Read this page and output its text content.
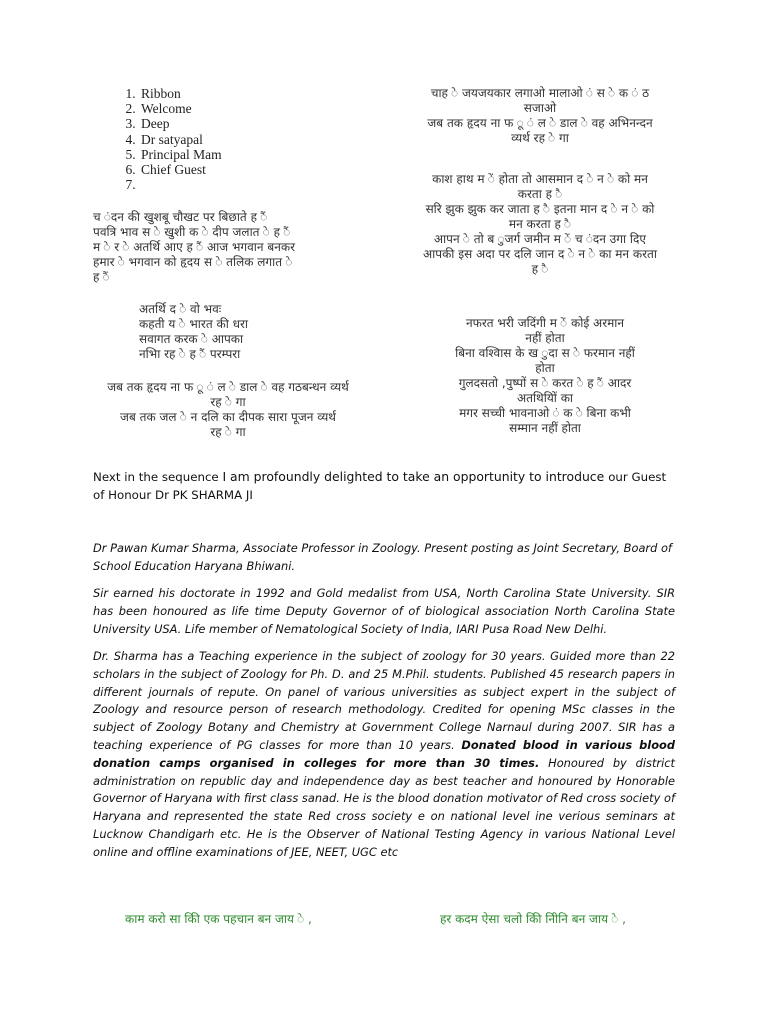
1. Ribbon
2. Welcome
3. Deep
4. Dr satyapal
5. Principal Mam
6. Chief Guest
7.

चाह े जयजयकार लगाओ मालाओ ं स े क ं ठ

सजाओ

जब तक हृदय ना फ ू ं ल े डाल े वह अभिनन्दन

व्यर्थ रह े गा

काश हाथ म ें होता तो आसमान द े न े को मन

करता ह ै

सरि झुक झुक कर जाता ह ै इतना मान द े न े को

मन करता ह ै

आपन े तो ब ुजर्ग जमीन म ें च ंदन उगा दिए

आपकी इस अदा पर दलि जान द े न े का मन करता

ह ै

च ंदन की खुशबू चौखट पर बिछाते ह ैं

पवत्रि भाव स े खुशी क े दीप जलात े ह ैं

म े र े अतर्थि आए ह ैं आज भगवान बनकर

हमार े भगवान को हृदय स े तलिक लगात े

ह ैं

अतर्थि द े वो भवः

कहती य े भारत की धरा

सवागत करक े आपका

नभिा रह े ह ैं परम्परा

नफरत भरी जदिंगी म ें कोई अरमान

नहीं होता

बिना वश्विास के ख ुदा स े फरमान नहीं

होता

गुलदसतो ,पुष्पों स े करत े ह ैं आदर

अतथियिों का

मगर सच्ची भावनाओ ं क े बिना कभी

सम्मान नहीं होता

जब तक हृदय ना फ ू ं ल े डाल े वह गठबन्धन व्यर्थ

रह े गा

जब तक जल े न दलि का दीपक सारा पूजन व्यर्थ

रह े गा

Next in the sequence I am profoundly delighted to take an opportunity to introduce our Guest of Honour Dr PK SHARMA JI
Dr Pawan Kumar Sharma, Associate Professor in Zoology. Present posting as Joint Secretary, Board of School Education Haryana Bhiwani.
Sir earned his doctorate in 1992 and Gold medalist from USA, North Carolina State University. SIR has been honoured as life time Deputy Governor of of biological association North Carolina State University USA. Life member of Nematological Society of India, IARI Pusa Road New Delhi.
Dr. Sharma has a Teaching experience in the subject of zoology for 30 years. Guided more than 22 scholars in the subject of Zoology for Ph. D. and 25 M.Phil. students. Published 45 research papers in different journals of repute. On panel of various universities as subject expert in the subject of Zoology and resource person of research methodology. Credited for opening MSc classes in the subject of Zoology Botany and Chemistry at Government College Narnaul during 2007. SIR has a teaching experience of PG classes for more than 10 years. Donated blood in various blood donation camps organised in colleges for more than 30 times. Honoured by district administration on republic day and independence day as best teacher and honoured by Honorable Governor of Haryana with first class sanad. He is the blood donation motivator of Red cross society of Haryana and represented the state Red cross society e on national level ine verious seminars at Lucknow Chandigarh etc. He is the Observer of National Testing Agency in various National Level online and offline examinations of JEE, NEET, UGC etc
काम करो सा कीि एक पहचान बन जाय े ,	हर कदम ऐसा चलो कीि नीिनि बन जाय े ,
